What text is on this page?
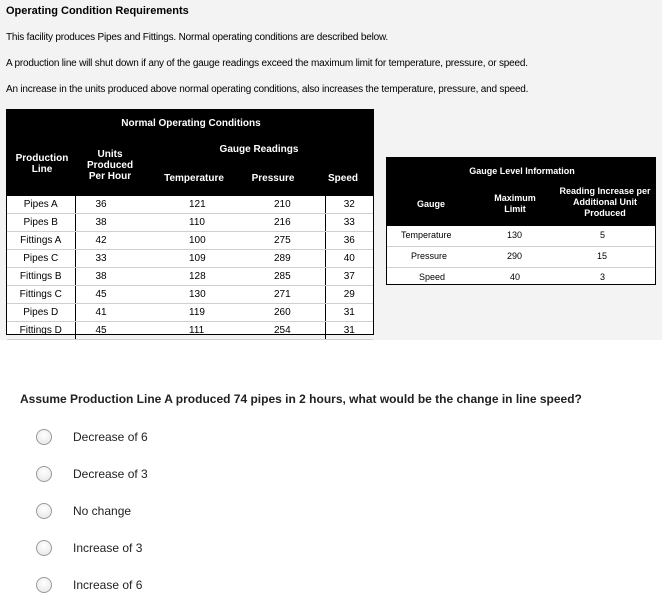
Operating Condition Requirements
This facility produces Pipes and Fittings. Normal operating conditions are described below.
A production line will shut down if any of the gauge readings exceed the maximum limit for temperature, pressure, or speed.
An increase in the units produced above normal operating conditions, also increases the temperature, pressure, and speed.
Normal Operating Conditions
Production Line
Units Produced Per Hour
Gauge Readings
Temperature	Pressure	Speed
Pipes A	36	121	210	32
Pipes B	38	110	216	33
Fittings A	42	100	275	36
Pipes C	33	109	289	40
Fittings B	38	128	285	37
Fittings C	45	130	271	29
Pipes D	41	119	260	31
Fittings D	45	111	254	31
Gauge Level Information
Gauge
Maximum Limit
Reading Increase per Additional Unit Produced
Temperature	130	5
Pressure	290	15
Speed	40	3
Assume Production Line A produced 74 pipes in 2 hours, what would be the change in line speed?
Decrease of 6
Decrease of 3
No change
Increase of 3
Increase of 6
